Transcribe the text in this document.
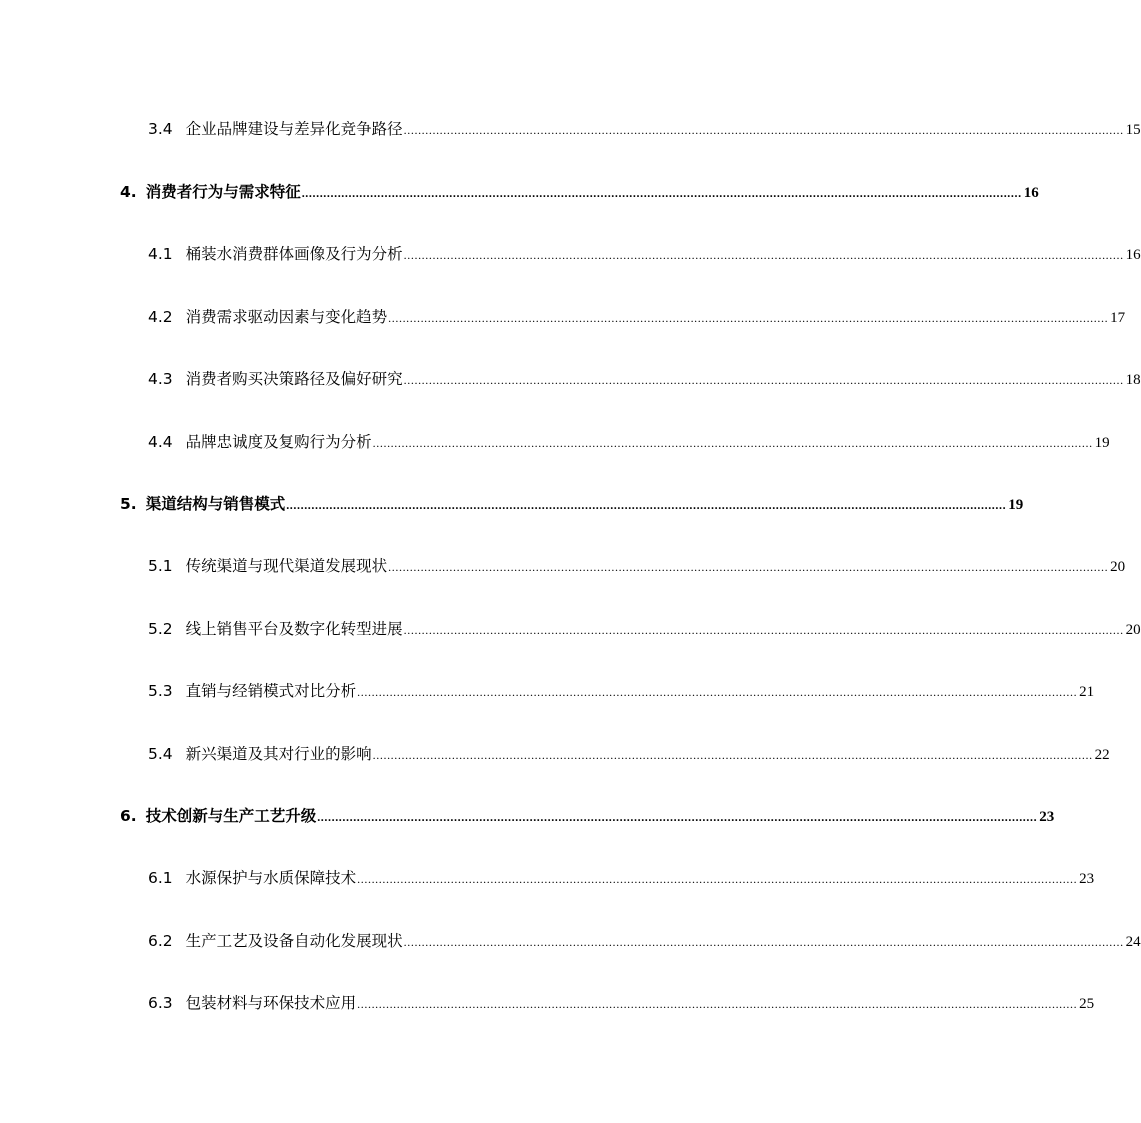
3.4 企业品牌建设与差异化竞争路径 ........................................................................................................................................................................................................ 15
4. 消费者行为与需求特征 ........................................................................................................................................................................................................ 16
4.1 桶装水消费群体画像及行为分析 ........................................................................................................................................................................................................ 16
4.2 消费需求驱动因素与变化趋势 ........................................................................................................................................................................................................ 17
4.3 消费者购买决策路径及偏好研究 ........................................................................................................................................................................................................ 18
4.4 品牌忠诚度及复购行为分析 ........................................................................................................................................................................................................ 19
5. 渠道结构与销售模式 ........................................................................................................................................................................................................ 19
5.1 传统渠道与现代渠道发展现状 ........................................................................................................................................................................................................ 20
5.2 线上销售平台及数字化转型进展 ........................................................................................................................................................................................................ 20
5.3 直销与经销模式对比分析 ........................................................................................................................................................................................................ 21
5.4 新兴渠道及其对行业的影响 ........................................................................................................................................................................................................ 22
6. 技术创新与生产工艺升级 ........................................................................................................................................................................................................ 23
6.1 水源保护与水质保障技术 ........................................................................................................................................................................................................ 23
6.2 生产工艺及设备自动化发展现状 ........................................................................................................................................................................................................ 24
6.3 包装材料与环保技术应用 ........................................................................................................................................................................................................ 25
